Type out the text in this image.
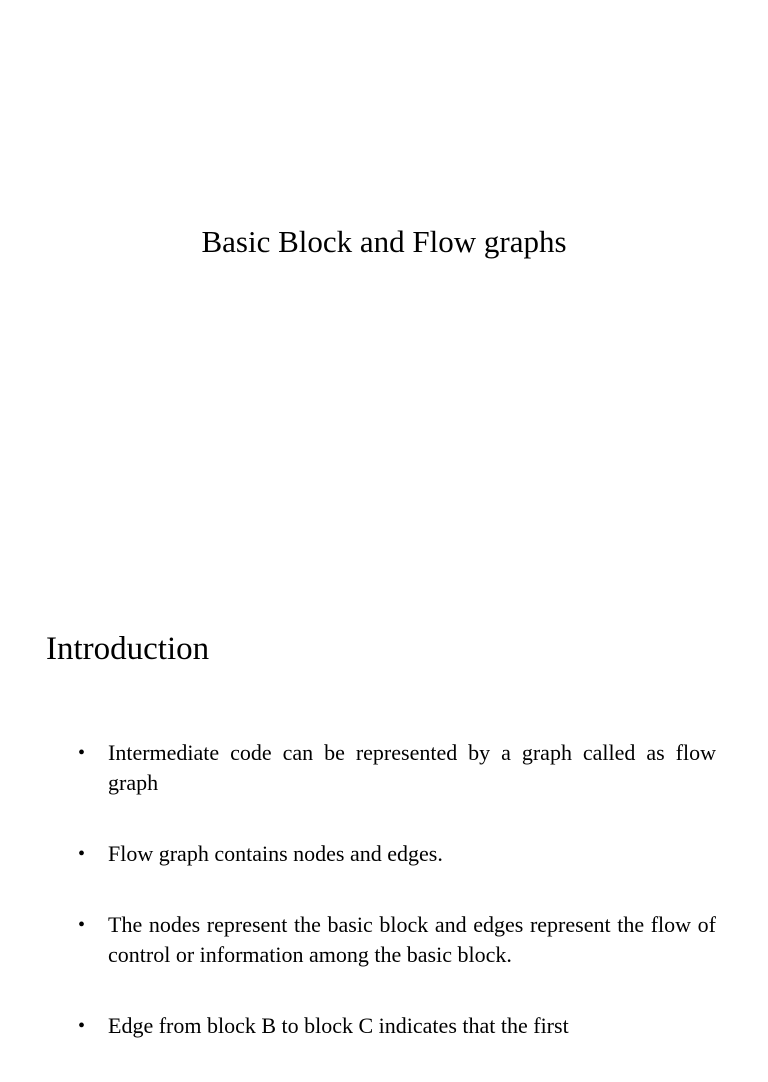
Basic Block and Flow graphs
Introduction
• Intermediate code can be represented by a graph called as flow graph
• Flow graph contains nodes and edges.
• The nodes represent the basic block and edges represent the flow of control or information among the basic block.
• Edge from block B to block C indicates that the first
